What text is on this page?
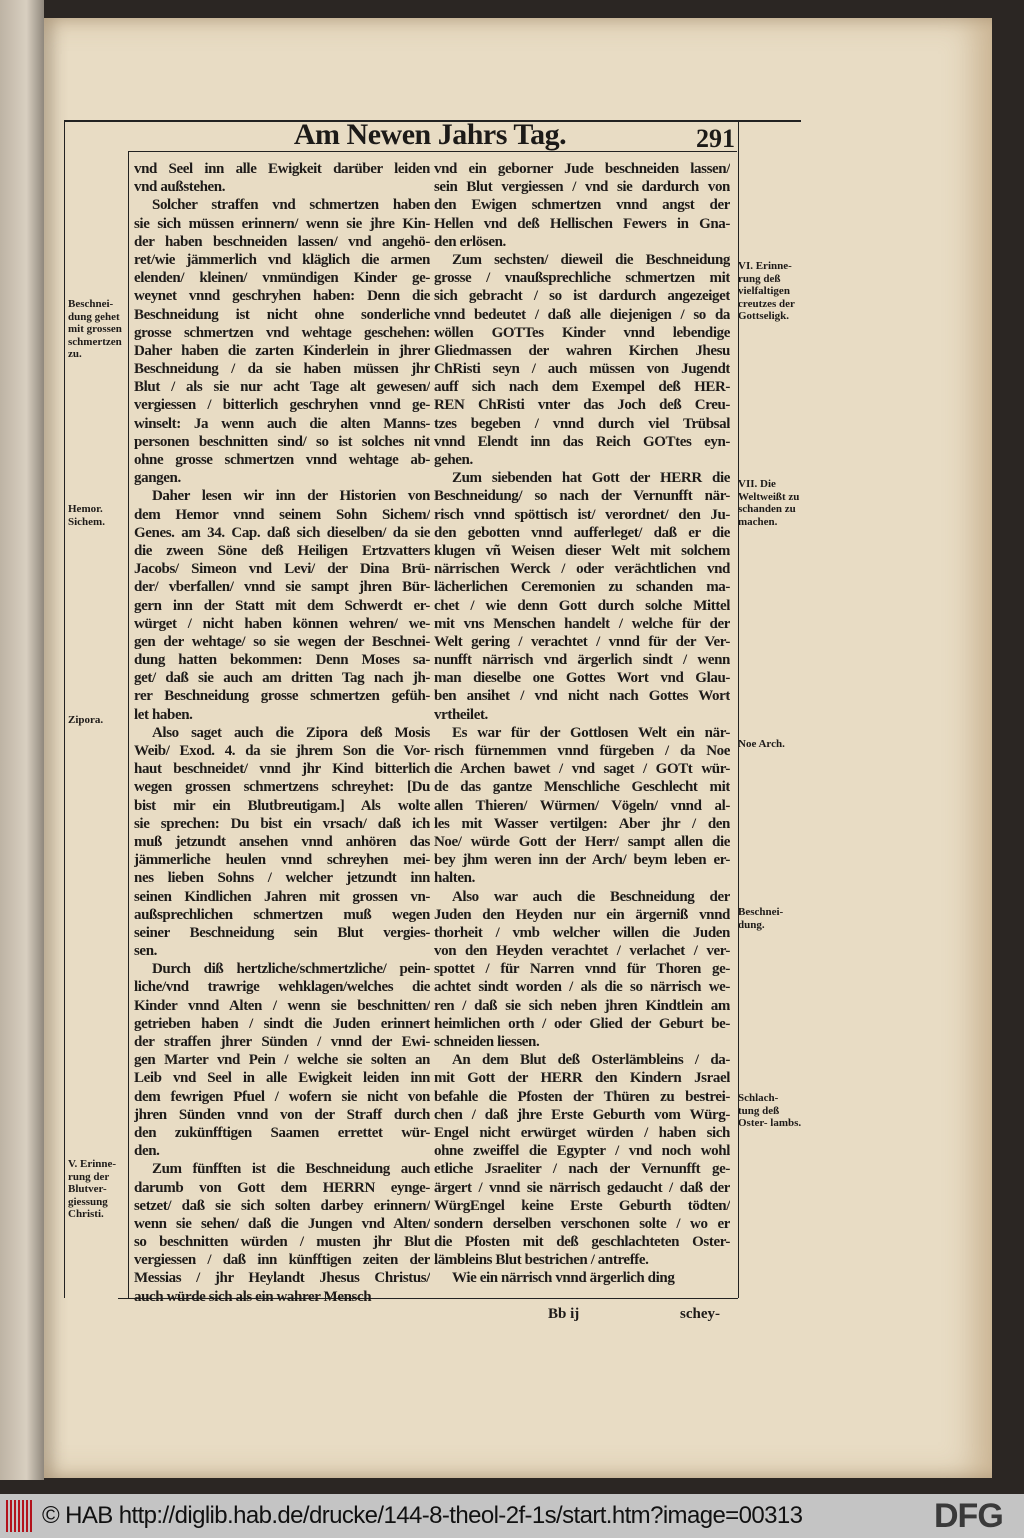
Am Newen Jahrs Tag.	291
vnd Seel inn alle Ewigkeit darüber leiden
vnd außstehen.
Solcher straffen vnd schmertzen haben
sie sich müssen erinnern/ wenn sie jhre Kin-
der haben beschneiden lassen/ vnd angehö-
ret/wie jämmerlich vnd kläglich die armen
elenden/ kleinen/ vnmündigen Kinder ge-
weynet vnnd geschryhen haben: Denn die
Beschneidung ist nicht ohne sonderliche
grosse schmertzen vnd wehtage geschehen:
Daher haben die zarten Kinderlein in jhrer
Beschneidung / da sie haben müssen jhr
Blut / als sie nur acht Tage alt gewesen/
vergiessen / bitterlich geschryhen vnnd ge-
winselt: Ja wenn auch die alten Manns-
personen beschnitten sind/ so ist solches nit
ohne grosse schmertzen vnnd wehtage ab-
gangen.
Daher lesen wir inn der Historien von
dem Hemor vnnd seinem Sohn Sichem/
Genes. am 34. Cap. daß sich dieselben/ da sie
die zween Söne deß Heiligen Ertzvatters
Jacobs/ Simeon vnd Levi/ der Dina Brü-
der/ vberfallen/ vnnd sie sampt jhren Bür-
gern inn der Statt mit dem Schwerdt er-
würget / nicht haben können wehren/ we-
gen der wehtage/ so sie wegen der Beschnei-
dung hatten bekommen: Denn Moses sa-
get/ daß sie auch am dritten Tag nach jh-
rer Beschneidung grosse schmertzen gefüh-
let haben.
Also saget auch die Zipora deß Mosis
Weib/ Exod. 4. da sie jhrem Son die Vor-
haut beschneidet/ vnnd jhr Kind bitterlich
wegen grossen schmertzens schreyhet: [Du
bist mir ein Blutbreutigam.] Als wolte
sie sprechen: Du bist ein vrsach/ daß ich
muß jetzundt ansehen vnnd anhören das
jämmerliche heulen vnnd schreyhen mei-
nes lieben Sohns / welcher jetzundt inn
seinen Kindlichen Jahren mit grossen vn-
außsprechlichen schmertzen muß wegen
seiner Beschneidung sein Blut vergies-
sen.
Durch diß hertzliche/schmertzliche/ pein-
liche/vnd trawrige wehklagen/welches die
Kinder vnnd Alten / wenn sie beschnitten/
getrieben haben / sindt die Juden erinnert
der straffen jhrer Sünden / vnnd der Ewi-
gen Marter vnd Pein / welche sie solten an
Leib vnd Seel in alle Ewigkeit leiden inn
dem fewrigen Pfuel / wofern sie nicht von
jhren Sünden vnnd von der Straff durch
den zukünfftigen Saamen errettet wür-
den.
Zum fünfften ist die Beschneidung auch
darumb von Gott dem HERRN eynge-
setzet/ daß sie sich solten darbey erinnern/
wenn sie sehen/ daß die Jungen vnd Alten/
so beschnitten würden / musten jhr Blut
vergiessen / daß inn künfftigen zeiten der
Messias / jhr Heylandt Jhesus Christus/
auch würde sich als ein wahrer Mensch
vnd ein geborner Jude beschneiden lassen/
sein Blut vergiessen / vnd sie dardurch von
den Ewigen schmertzen vnnd angst der
Hellen vnd deß Hellischen Fewers in Gna-
den erlösen.
Zum sechsten/ dieweil die Beschneidung
grosse / vnaußsprechliche schmertzen mit
sich gebracht / so ist dardurch angezeiget
vnnd bedeutet / daß alle diejenigen / so da
wöllen GOTTes Kinder vnnd lebendige
Gliedmassen der wahren Kirchen Jhesu
ChRisti seyn / auch müssen von Jugendt
auff sich nach dem Exempel deß HER-
REN ChRisti vnter das Joch deß Creu-
tzes begeben / vnnd durch viel Trübsal
vnnd Elendt inn das Reich GOTtes eyn-
gehen.
Zum siebenden hat Gott der HERR die
Beschneidung/ so nach der Vernunfft när-
risch vnnd spöttisch ist/ verordnet/ den Ju-
den gebotten vnnd aufferleget/ daß er die
klugen vñ Weisen dieser Welt mit solchem
närrischen Werck / oder verächtlichen vnd
lächerlichen Ceremonien zu schanden ma-
chet / wie denn Gott durch solche Mittel
mit vns Menschen handelt / welche für der
Welt gering / verachtet / vnnd für der Ver-
nunfft närrisch vnd ärgerlich sindt / wenn
man dieselbe one Gottes Wort vnd Glau-
ben ansihet / vnd nicht nach Gottes Wort
vrtheilet.
Es war für der Gottlosen Welt ein när-
risch fürnemmen vnnd fürgeben / da Noe
die Archen bawet / vnd saget / GOTt wür-
de das gantze Menschliche Geschlecht mit
allen Thieren/ Würmen/ Vögeln/ vnnd al-
les mit Wasser vertilgen: Aber jhr / den
Noe/ würde Gott der Herr/ sampt allen die
bey jhm weren inn der Arch/ beym leben er-
halten.
Also war auch die Beschneidung der
Juden den Heyden nur ein ärgerniß vnnd
thorheit / vmb welcher willen die Juden
von den Heyden verachtet / verlachet / ver-
spottet / für Narren vnnd für Thoren ge-
achtet sindt worden / als die so närrisch we-
ren / daß sie sich neben jhren Kindtlein am
heimlichen orth / oder Glied der Geburt be-
schneiden liessen.
An dem Blut deß Osterlämbleins / da-
mit Gott der HERR den Kindern Jsrael
befahle die Pfosten der Thüren zu bestrei-
chen / daß jhre Erste Geburth vom Würg-
Engel nicht erwürget würden / haben sich
ohne zweiffel die Egypter / vnd noch wohl
etliche Jsraeliter / nach der Vernunfft ge-
ärgert / vnnd sie närrisch gedaucht / daß der
WürgEngel keine Erste Geburth tödten/
sondern derselben verschonen solte / wo er
die Pfosten mit deß geschlachteten Oster-
lämbleins Blut bestrichen / antreffe.
Wie ein närrisch vnnd ärgerlich ding
Beschnei- dung gehet mit grossen schmertzen zu.
Hemor. Sichem.
Zipora.
V. Erinne- rung der Blutver- giessung Christi.
VI. Erinne- rung deß vielfaltigen creutzes der Gottseligk.
VII. Die Weltweißt zu schanden zu machen.
Noe Arch.
Beschnei- dung.
Schlach- tung deß Oster- lambs.
Bb ij	schey-
© HAB http://diglib.hab.de/drucke/144-8-theol-2f-1s/start.htm?image=00313	DFG
